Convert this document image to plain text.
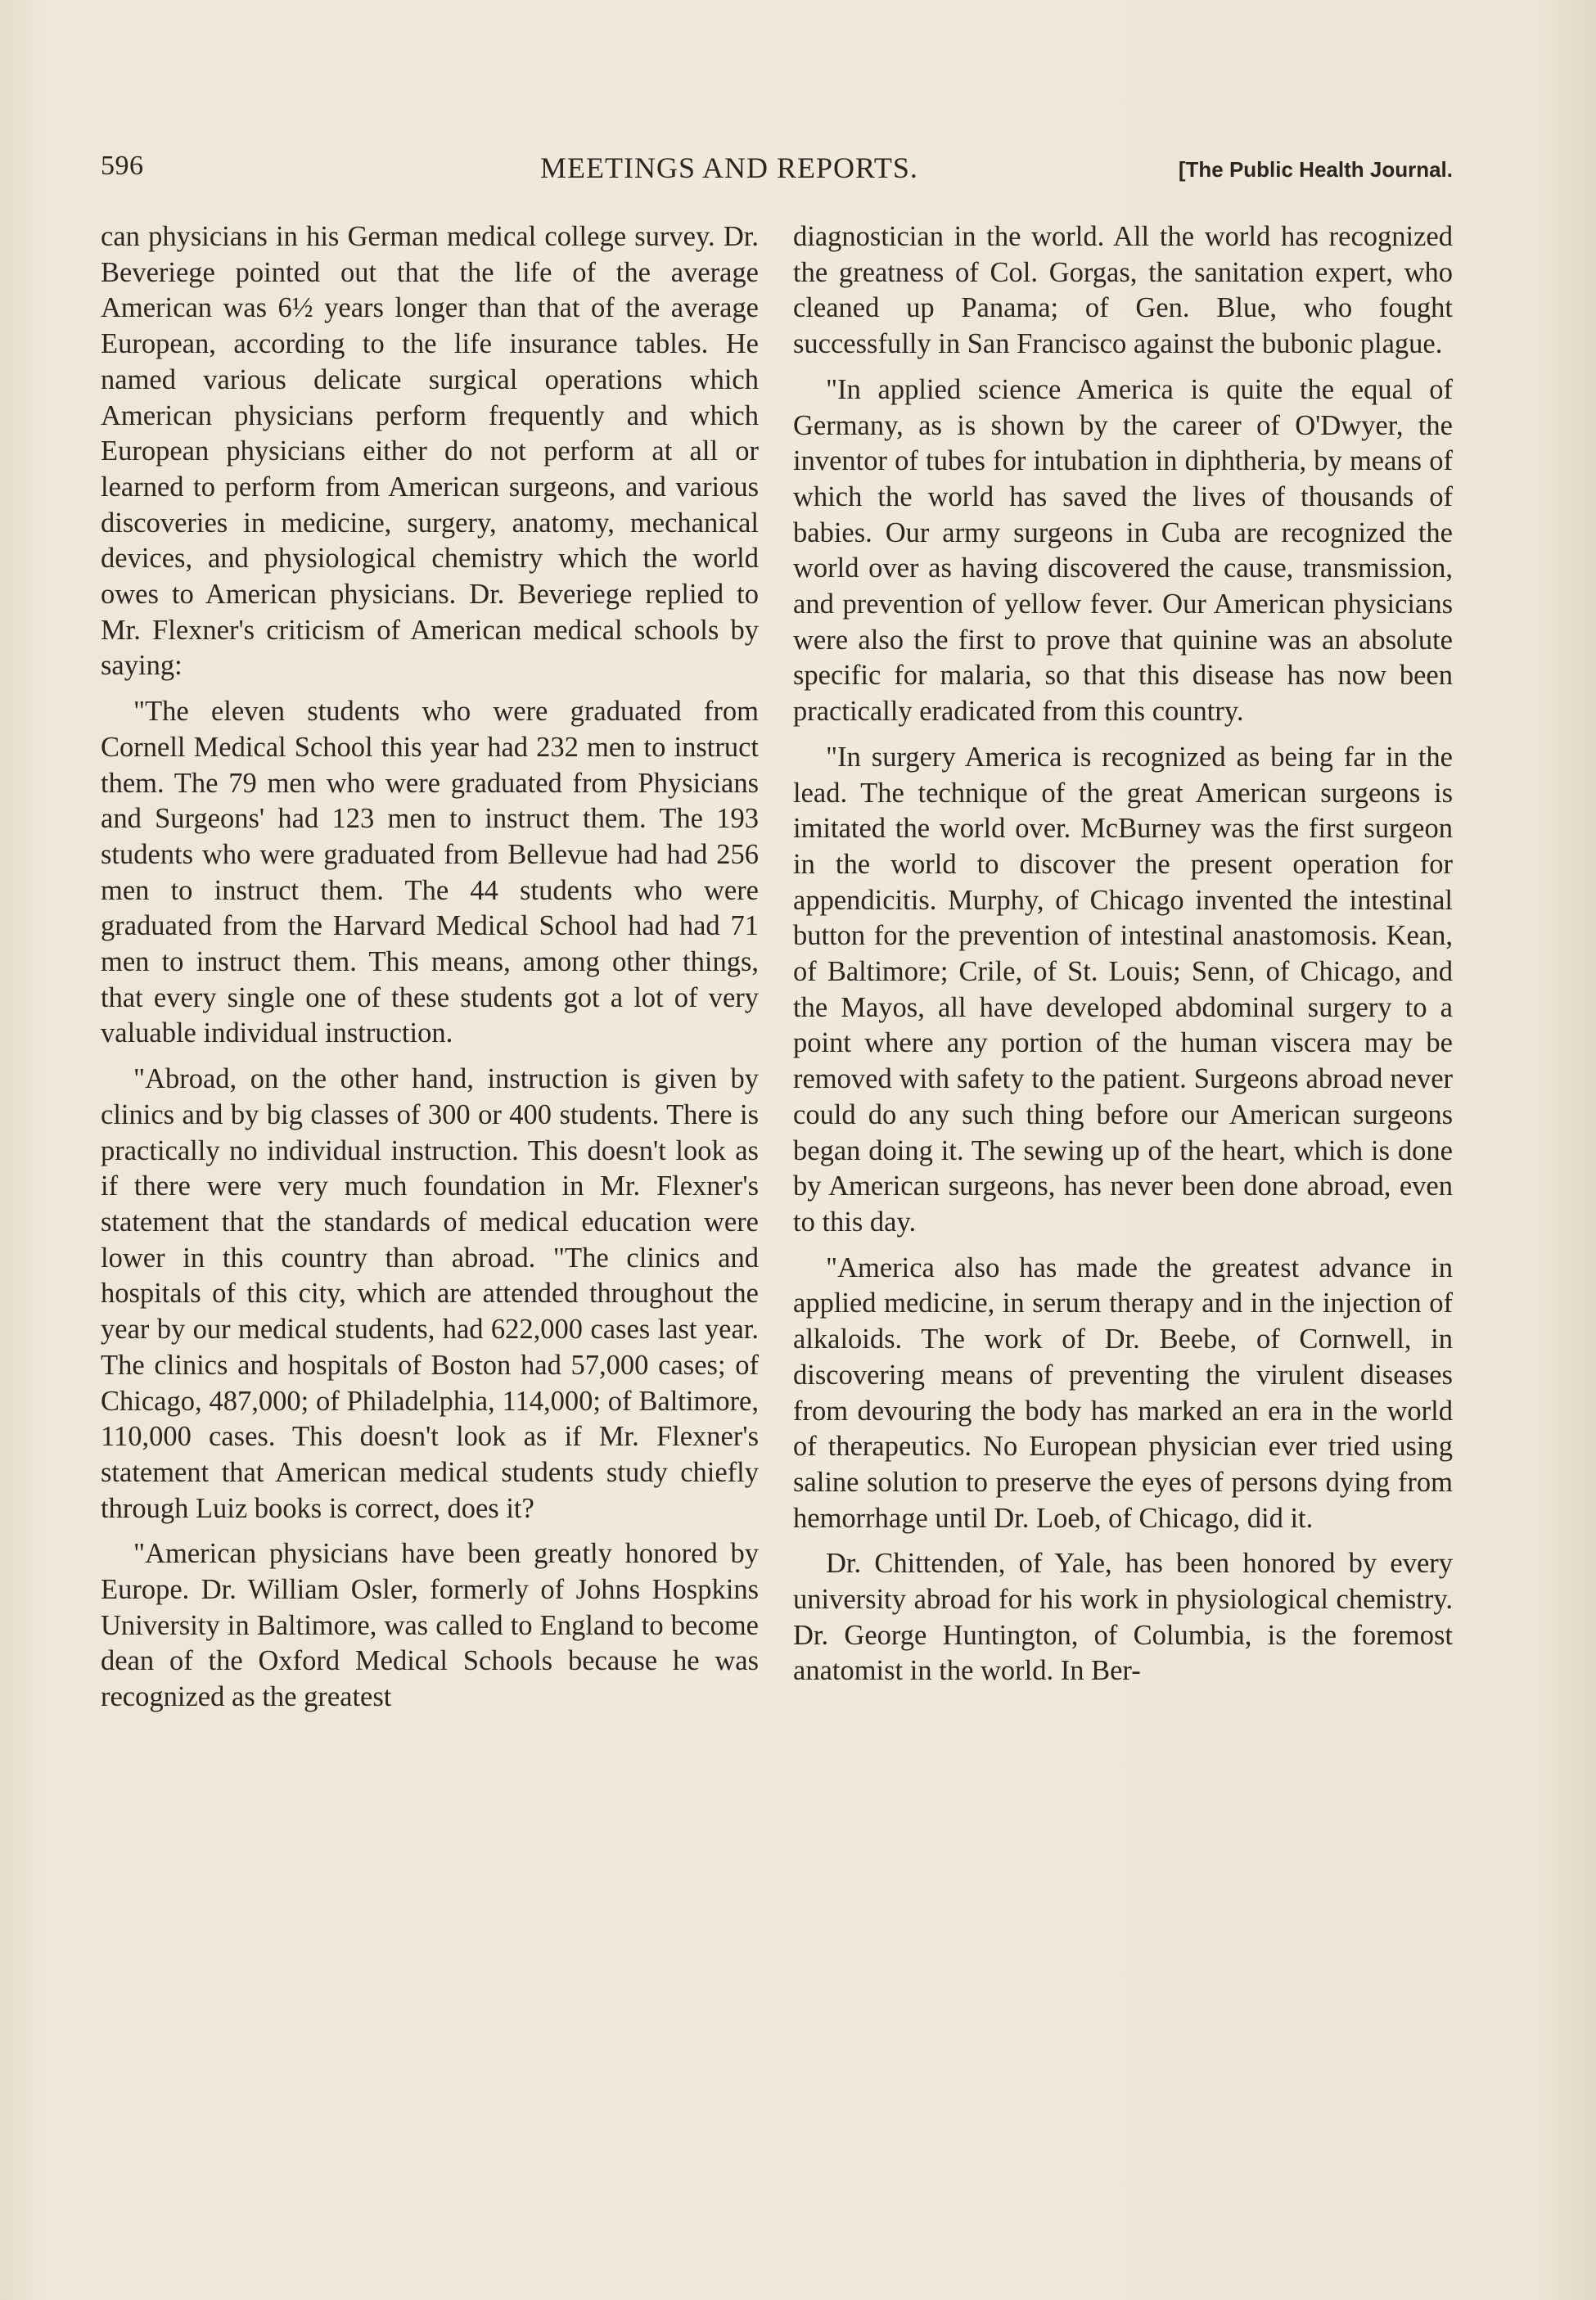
596	MEETINGS AND REPORTS.	[The Public Health Journal.

can physicians in his German medical college survey. Dr. Beveriege pointed out that the life of the average American was 6½ years longer than that of the average European, according to the life insurance tables. He named various delicate surgical operations which American physicians perform frequently and which European physicians either do not perform at all or learned to perform from American surgeons, and various discoveries in medicine, surgery, anatomy, mechanical devices, and physiological chemistry which the world owes to American physicians. Dr. Beveriege replied to Mr. Flexner's criticism of American medical schools by saying:

"The eleven students who were graduated from Cornell Medical School this year had 232 men to instruct them. The 79 men who were graduated from Physicians and Surgeons' had 123 men to instruct them. The 193 students who were graduated from Bellevue had had 256 men to instruct them. The 44 students who were graduated from the Harvard Medical School had had 71 men to instruct them. This means, among other things, that every single one of these students got a lot of very valuable individual instruction.

"Abroad, on the other hand, instruction is given by clinics and by big classes of 300 or 400 students. There is practically no individual instruction. This doesn't look as if there were very much foundation in Mr. Flexner's statement that the standards of medical education were lower in this country than abroad. "The clinics and hospitals of this city, which are attended throughout the year by our medical students, had 622,000 cases last year. The clinics and hospitals of Boston had 57,000 cases; of Chicago, 487,000; of Philadelphia, 114,000; of Baltimore, 110,000 cases. This doesn't look as if Mr. Flexner's statement that American medical students study chiefly through Luiz books is correct, does it?

"American physicians have been greatly honored by Europe. Dr. William Osler, formerly of Johns Hospkins University in Baltimore, was called to England to become dean of the Oxford Medical Schools because he was recognized as the greatest

diagnostician in the world. All the world has recognized the greatness of Col. Gorgas, the sanitation expert, who cleaned up Panama; of Gen. Blue, who fought successfully in San Francisco against the bubonic plague.

"In applied science America is quite the equal of Germany, as is shown by the career of O'Dwyer, the inventor of tubes for intubation in diphtheria, by means of which the world has saved the lives of thousands of babies. Our army surgeons in Cuba are recognized the world over as having discovered the cause, transmission, and prevention of yellow fever. Our American physicians were also the first to prove that quinine was an absolute specific for malaria, so that this disease has now been practically eradicated from this country.

"In surgery America is recognized as being far in the lead. The technique of the great American surgeons is imitated the world over. McBurney was the first surgeon in the world to discover the present operation for appendicitis. Murphy, of Chicago invented the intestinal button for the prevention of intestinal anastomosis. Kean, of Baltimore; Crile, of St. Louis; Senn, of Chicago, and the Mayos, all have developed abdominal surgery to a point where any portion of the human viscera may be removed with safety to the patient. Surgeons abroad never could do any such thing before our American surgeons began doing it. The sewing up of the heart, which is done by American surgeons, has never been done abroad, even to this day.

"America also has made the greatest advance in applied medicine, in serum therapy and in the injection of alkaloids. The work of Dr. Beebe, of Cornwell, in discovering means of preventing the virulent diseases from devouring the body has marked an era in the world of therapeutics. No European physician ever tried using saline solution to preserve the eyes of persons dying from hemorrhage until Dr. Loeb, of Chicago, did it.

Dr. Chittenden, of Yale, has been honored by every university abroad for his work in physiological chemistry. Dr. George Huntington, of Columbia, is the foremost anatomist in the world. In Ber-
